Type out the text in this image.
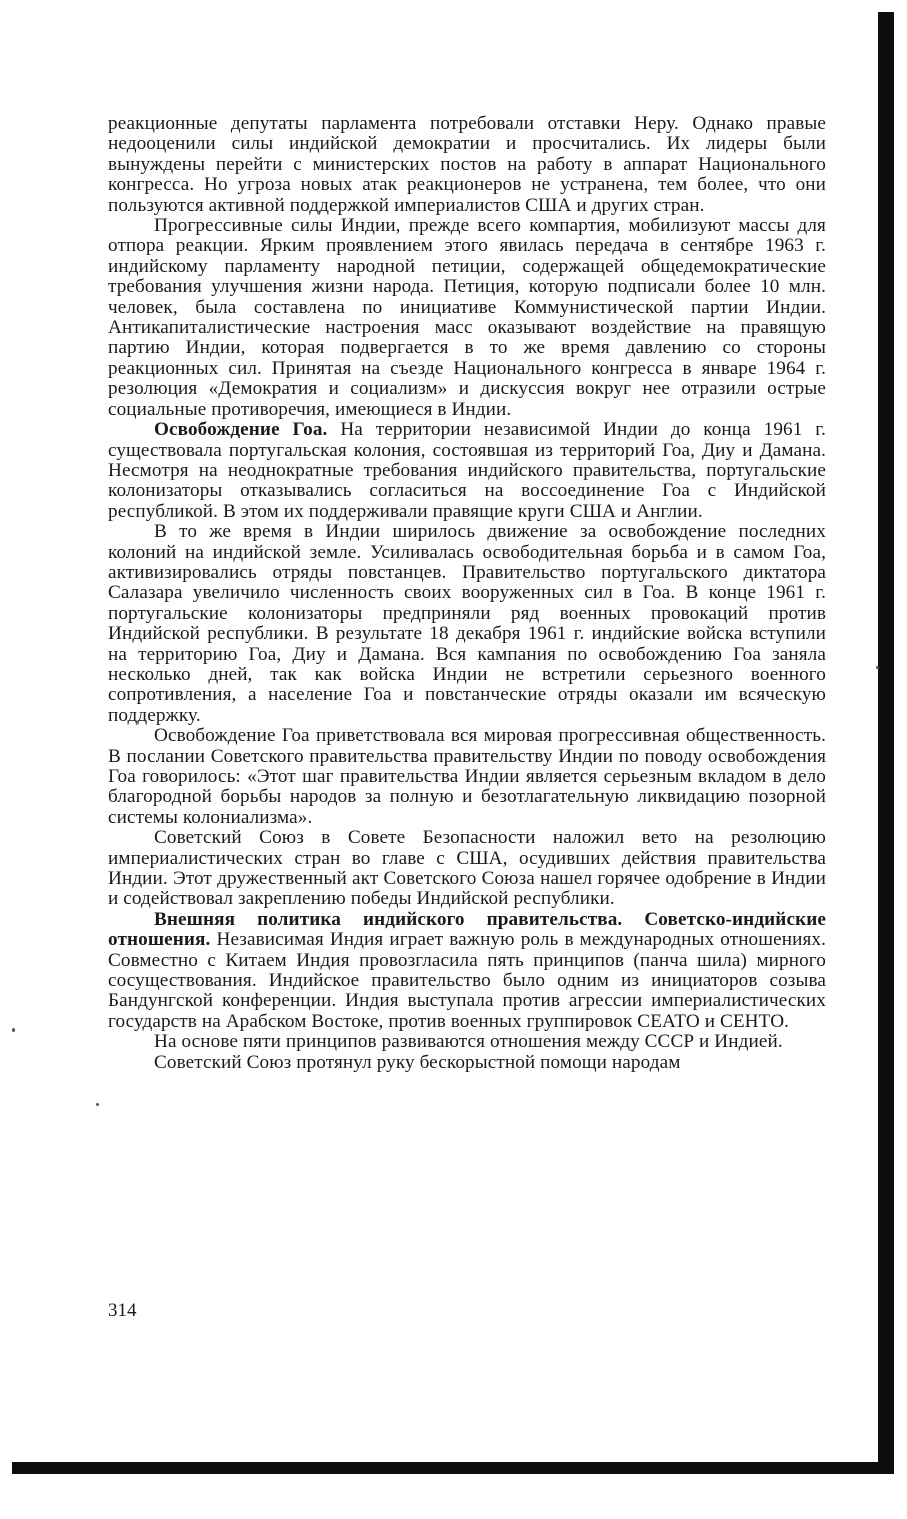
реакционные депутаты парламента потребовали отставки Неру. Однако правые недооценили силы индийской демократии и просчитались. Их лидеры были вынуждены перейти с министерских постов на работу в аппарат Национального конгресса. Но угроза новых атак реакционеров не устранена, тем более, что они пользуются активной поддержкой империалистов США и других стран.

Прогрессивные силы Индии, прежде всего компартия, мобилизуют массы для отпора реакции. Ярким проявлением этого явилась передача в сентябре 1963 г. индийскому парламенту народной петиции, содержащей общедемократические требования улучшения жизни народа. Петиция, которую подписали более 10 млн. человек, была составлена по инициативе Коммунистической партии Индии. Антикапиталистические настроения масс оказывают воздействие на правящую партию Индии, которая подвергается в то же время давлению со стороны реакционных сил. Принятая на съезде Национального конгресса в январе 1964 г. резолюция «Демократия и социализм» и дискуссия вокруг нее отразили острые социальные противоречия, имеющиеся в Индии.

Освобождение Гоа. На территории независимой Индии до конца 1961 г. существовала португальская колония, состоявшая из территорий Гоа, Диу и Дамана. Несмотря на неоднократные требования индийского правительства, португальские колонизаторы отказывались согласиться на воссоединение Гоа с Индийской республикой. В этом их поддерживали правящие круги США и Англии.

В то же время в Индии ширилось движение за освобождение последних колоний на индийской земле. Усиливалась освободительная борьба и в самом Гоа, активизировались отряды повстанцев. Правительство португальского диктатора Салазара увеличило численность своих вооруженных сил в Гоа. В конце 1961 г. португальские колонизаторы предприняли ряд военных провокаций против Индийской республики. В результате 18 декабря 1961 г. индийские войска вступили на территорию Гоа, Диу и Дамана. Вся кампания по освобождению Гоа заняла несколько дней, так как войска Индии не встретили серьезного военного сопротивления, а население Гоа и повстанческие отряды оказали им всяческую поддержку.

Освобождение Гоа приветствовала вся мировая прогрессивная общественность. В послании Советского правительства правительству Индии по поводу освобождения Гоа говорилось: «Этот шаг правительства Индии является серьезным вкладом в дело благородной борьбы народов за полную и безотлагательную ликвидацию позорной системы колониализма».

Советский Союз в Совете Безопасности наложил вето на резолюцию империалистических стран во главе с США, осудивших действия правительства Индии. Этот дружественный акт Советского Союза нашел горячее одобрение в Индии и содействовал закреплению победы Индийской республики.

Внешняя политика индийского правительства. Советско-индийские отношения. Независимая Индия играет важную роль в международных отношениях. Совместно с Китаем Индия провозгласила пять принципов (панча шила) мирного сосуществования. Индийское правительство было одним из инициаторов созыва Бандунгской конференции. Индия выступала против агрессии империалистических государств на Арабском Востоке, против военных группировок СЕАТО и СЕНТО.

На основе пяти принципов развиваются отношения между СССР и Индией.

Советский Союз протянул руку бескорыстной помощи народам

314
